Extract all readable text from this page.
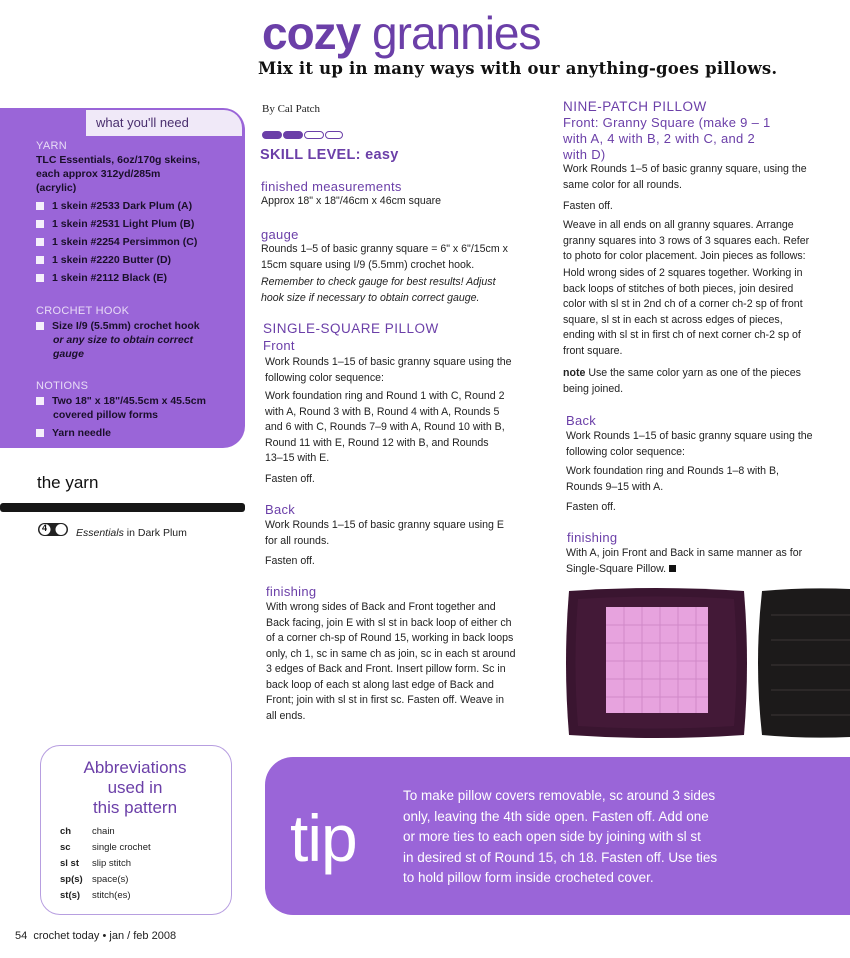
cozy grannies
Mix it up in many ways with our anything-goes pillows.
what you'll need
YARN
TLC Essentials, 6oz/170g skeins,
each approx 312yd/285m
(acrylic)
1 skein #2533 Dark Plum (A)
1 skein #2531 Light Plum (B)
1 skein #2254 Persimmon (C)
1 skein #2220 Butter (D)
1 skein #2112 Black (E)
CROCHET HOOK
Size I/9 (5.5mm) crochet hook
or any size to obtain correct
gauge
NOTIONS
Two 18" x 18"/45.5cm x 45.5cm
covered pillow forms
Yarn needle
the yarn
4	Essentials in Dark Plum
Abbreviations
used in
this pattern
ch chain
sc single crochet
sl st slip stitch
sp(s) space(s)
st(s) stitch(es)
54 crochet today • jan / feb 2008
By Cal Patch
SKILL LEVEL: easy
finished measurements
Approx 18" x 18"/46cm x 46cm square
gauge
Rounds 1–5 of basic granny square = 6" x 6"/15cm x
15cm square using I/9 (5.5mm) crochet hook.
Remember to check gauge for best results! Adjust
hook size if necessary to obtain correct gauge.
SINGLE-SQUARE PILLOW
Front
Work Rounds 1–15 of basic granny square using the
following color sequence:
Work foundation ring and Round 1 with C, Round 2
with A, Round 3 with B, Round 4 with A, Rounds 5
and 6 with C, Rounds 7–9 with A, Round 10 with B,
Round 11 with E, Round 12 with B, and Rounds
13–15 with E.
Fasten off.
Back
Work Rounds 1–15 of basic granny square using E
for all rounds.
Fasten off.
finishing
With wrong sides of Back and Front together and
Back facing, join E with sl st in back loop of either ch
of a corner ch-sp of Round 15, working in back loops
only, ch 1, sc in same ch as join, sc in each st around
3 edges of Back and Front. Insert pillow form. Sc in
back loop of each st along last edge of Back and
Front; join with sl st in first sc. Fasten off. Weave in
all ends.
NINE-PATCH PILLOW
Front: Granny Square (make 9 – 1
with A, 4 with B, 2 with C, and 2
with D)
Work Rounds 1–5 of basic granny square, using the
same color for all rounds.
Fasten off.
Weave in all ends on all granny squares. Arrange
granny squares into 3 rows of 3 squares each. Refer
to photo for color placement. Join pieces as follows:
Hold wrong sides of 2 squares together. Working in
back loops of stitches of both pieces, join desired
color with sl st in 2nd ch of a corner ch-2 sp of front
square, sl st in each st across edges of pieces,
ending with sl st in first ch of next corner ch-2 sp of
front square.
note Use the same color yarn as one of the pieces
being joined.
Back
Work Rounds 1–15 of basic granny square using the
following color sequence:
Work foundation ring and Rounds 1–8 with B,
Rounds 9–15 with A.
Fasten off.
finishing
With A, join Front and Back in same manner as for
Single-Square Pillow.
tip
To make pillow covers removable, sc around 3 sides
only, leaving the 4th side open. Fasten off. Add one
or more ties to each open side by joining with sl st
in desired st of Round 15, ch 18. Fasten off. Use ties
to hold pillow form inside crocheted cover.
